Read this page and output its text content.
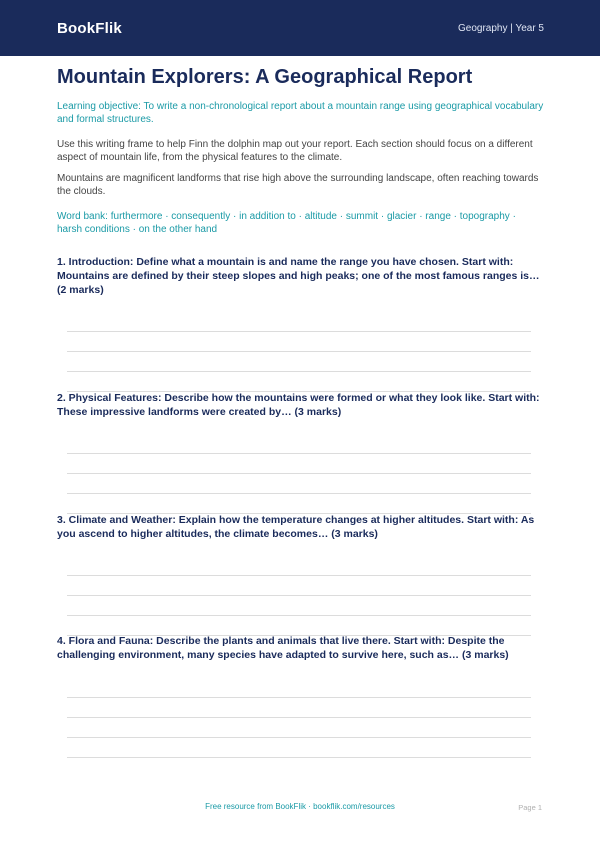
BookFlik	Geography | Year 5
Mountain Explorers: A Geographical Report

Learning objective: To write a non-chronological report about a mountain range using geographical vocabulary and formal structures.

Use this writing frame to help Finn the dolphin map out your report. Each section should focus on a different aspect of mountain life, from the physical features to the climate.

Mountains are magnificent landforms that rise high above the surrounding landscape, often reaching towards the clouds.

Word bank: furthermore · consequently · in addition to · altitude · summit · glacier · range · topography · harsh conditions · on the other hand

1. Introduction: Define what a mountain is and name the range you have chosen. Start with: Mountains are defined by their steep slopes and high peaks; one of the most famous ranges is… (2 marks)

2. Physical Features: Describe how the mountains were formed or what they look like. Start with: These impressive landforms were created by… (3 marks)

3. Climate and Weather: Explain how the temperature changes at higher altitudes. Start with: As you ascend to higher altitudes, the climate becomes… (3 marks)

4. Flora and Fauna: Describe the plants and animals that live there. Start with: Despite the challenging environment, many species have adapted to survive here, such as… (3 marks)

Free resource from BookFlik · bookflik.com/resources	Page 1
